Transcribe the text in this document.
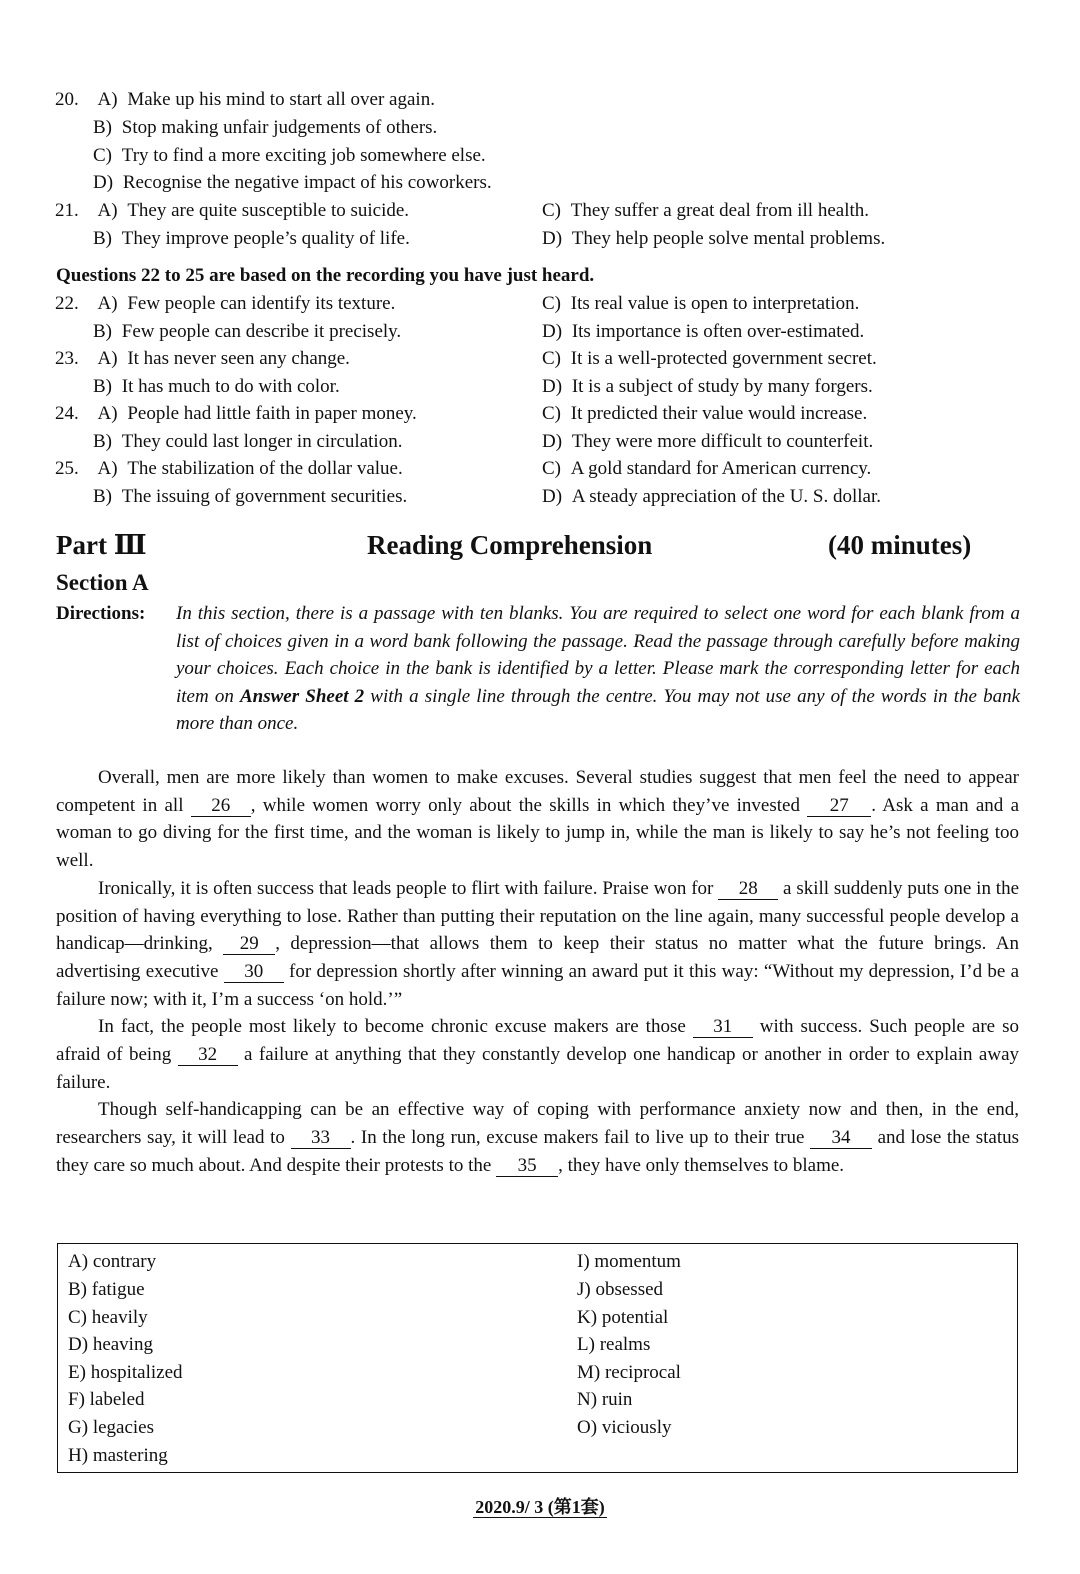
20. A) Make up his mind to start all over again.
B) Stop making unfair judgements of others.
C) Try to find a more exciting job somewhere else.
D) Recognise the negative impact of his coworkers.
21. A) They are quite susceptible to suicide.	C) They suffer a great deal from ill health.
B) They improve people’s quality of life.	D) They help people solve mental problems.
Questions 22 to 25 are based on the recording you have just heard.
22. A) Few people can identify its texture.	C) Its real value is open to interpretation.
B) Few people can describe it precisely.	D) Its importance is often over-estimated.
23. A) It has never seen any change.	C) It is a well-protected government secret.
B) It has much to do with color.	D) It is a subject of study by many forgers.
24. A) People had little faith in paper money.	C) It predicted their value would increase.
B) They could last longer in circulation.	D) They were more difficult to counterfeit.
25. A) The stabilization of the dollar value.	C) A gold standard for American currency.
B) The issuing of government securities.	D) A steady appreciation of the U. S. dollar.
Part Ⅲ	Reading Comprehension	(40 minutes)
Section A
Directions: In this section, there is a passage with ten blanks. You are required to select one word for each blank from a list of choices given in a word bank following the passage. Read the passage through carefully before making your choices. Each choice in the bank is identified by a letter. Please mark the corresponding letter for each item on Answer Sheet 2 with a single line through the centre. You may not use any of the words in the bank more than once.

Overall, men are more likely than women to make excuses. Several studies suggest that men feel the need to appear competent in all 26 , while women worry only about the skills in which they’ve invested 27 . Ask a man and a woman to go diving for the first time, and the woman is likely to jump in, while the man is likely to say he’s not feeling too well.

Ironically, it is often success that leads people to flirt with failure. Praise won for 28 a skill suddenly puts one in the position of having everything to lose. Rather than putting their reputation on the line again, many successful people develop a handicap—drinking, 29 , depression—that allows them to keep their status no matter what the future brings. An advertising executive 30 for depression shortly after winning an award put it this way: “Without my depression, I’d be a failure now; with it, I’m a success ‘on hold.’”

In fact, the people most likely to become chronic excuse makers are those 31 with success. Such people are so afraid of being 32 a failure at anything that they constantly develop one handicap or another in order to explain away failure.

Though self-handicapping can be an effective way of coping with performance anxiety now and then, in the end, researchers say, it will lead to 33 . In the long run, excuse makers fail to live up to their true 34 and lose the status they care so much about. And despite their protests to the 35 , they have only themselves to blame.

A) contrary
B) fatigue
C) heavily
D) heaving
E) hospitalized
F) labeled
G) legacies
H) mastering
I) momentum
J) obsessed
K) potential
L) realms
M) reciprocal
N) ruin
O) viciously
2020.9/ 3 (第1套)
